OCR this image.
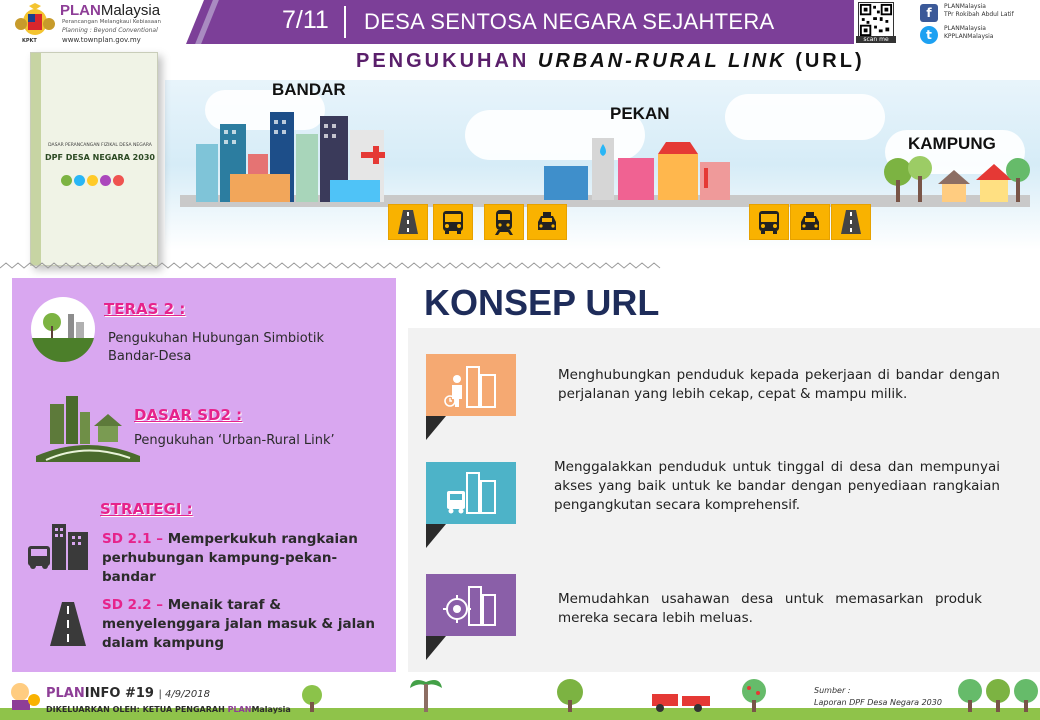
KPKT
PLANMalaysia
Perancangan Melangkaui Kebiasaan
Planning : Beyond Conventional
www.townplan.gov.my
7/11 DESA SENTOSA NEGARA SEJAHTERA
scan me
f	PLANMalaysia
TPr Rokibah Abdul Latif
t	PLANMalaysia
KPPLANMalaysia
PENGUKUHAN URBAN-RURAL LINK (URL)
DASAR PERANCANGAN FIZIKAL DESA NEGARA
DPF DESA NEGARA 2030
BANDAR
PEKAN
KAMPUNG
TERAS 2 :
Pengukuhan Hubungan Simbiotik Bandar-Desa
DASAR SD2 :
Pengukuhan ‘Urban-Rural Link’
STRATEGI :
SD 2.1 – Memperkukuh rangkaian perhubungan kampung-pekan-bandar
SD 2.2 – Menaik taraf & menyelenggara jalan masuk & jalan dalam kampung
KONSEP URL
Menghubungkan penduduk kepada pekerjaan di bandar dengan perjalanan yang lebih cekap, cepat & mampu milik.
Menggalakkan penduduk untuk tinggal di desa dan mempunyai akses yang baik untuk ke bandar dengan penyediaan rangkaian pengangkutan secara komprehensif.
Memudahkan usahawan desa untuk memasarkan produk mereka secara lebih meluas.
PLANINFO #19 | 4/9/2018
DIKELUARKAN OLEH: KETUA PENGARAH PLANMalaysia
Sumber :
Laporan DPF Desa Negara 2030
